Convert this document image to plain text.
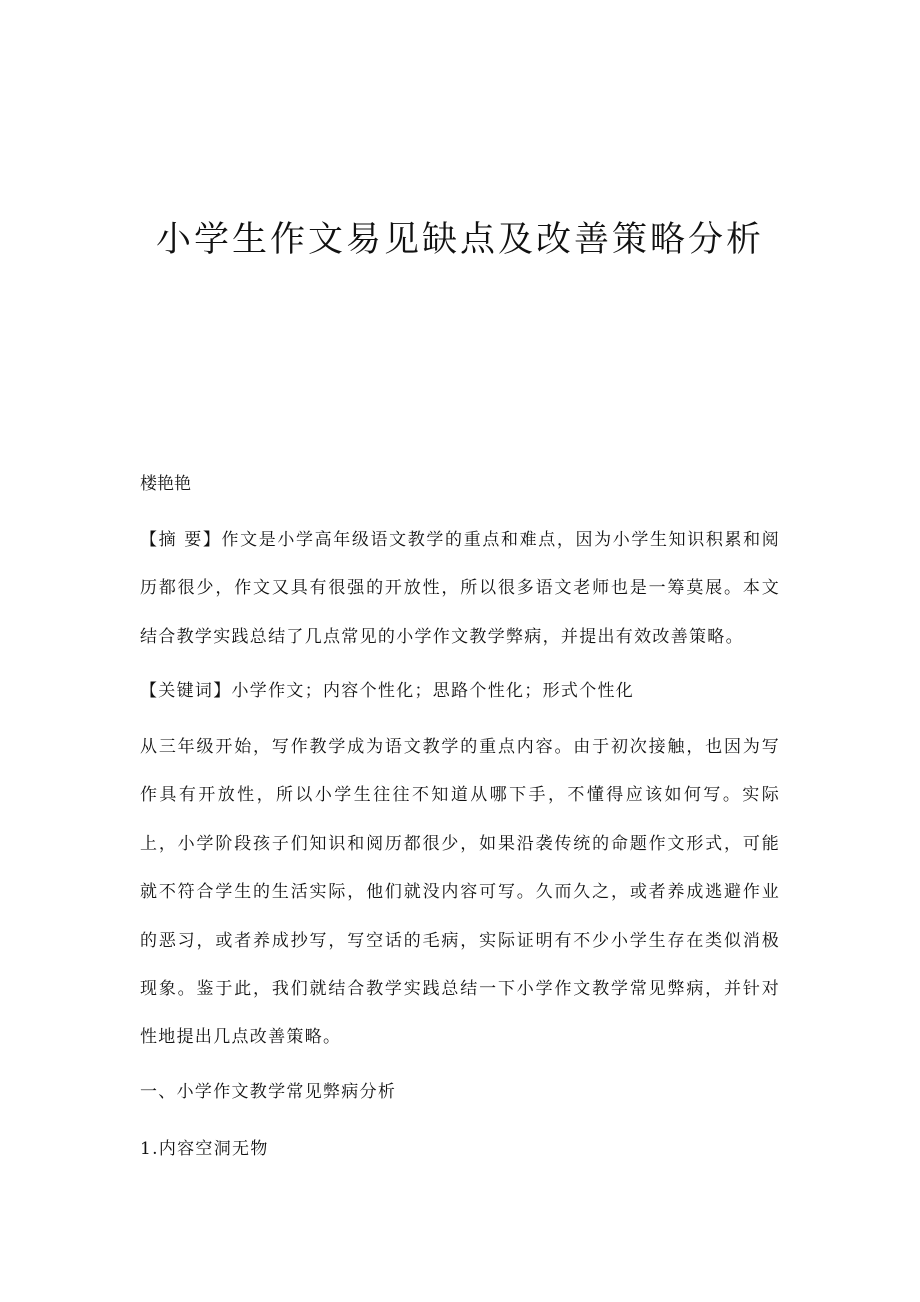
小学生作文易见缺点及改善策略分析

楼艳艳

【摘 要】作文是小学高年级语文教学的重点和难点，因为小学生知识积累和阅历都很少，作文又具有很强的开放性，所以很多语文老师也是一筹莫展。本文结合教学实践总结了几点常见的小学作文教学弊病，并提出有效改善策略。

【关键词】小学作文；内容个性化；思路个性化；形式个性化

从三年级开始，写作教学成为语文教学的重点内容。由于初次接触，也因为写作具有开放性，所以小学生往往不知道从哪下手，不懂得应该如何写。实际上，小学阶段孩子们知识和阅历都很少，如果沿袭传统的命题作文形式，可能就不符合学生的生活实际，他们就没内容可写。久而久之，或者养成逃避作业的恶习，或者养成抄写，写空话的毛病，实际证明有不少小学生存在类似消极现象。鉴于此，我们就结合教学实践总结一下小学作文教学常见弊病，并针对性地提出几点改善策略。

一、小学作文教学常见弊病分析

1.内容空洞无物
